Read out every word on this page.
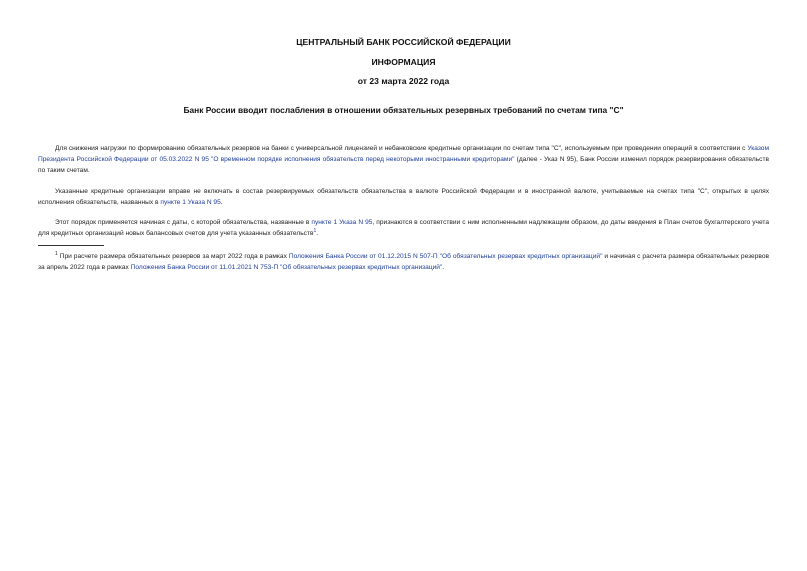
ЦЕНТРАЛЬНЫЙ БАНК РОССИЙСКОЙ ФЕДЕРАЦИИ
ИНФОРМАЦИЯ
от 23 марта 2022 года
Банк России вводит послабления в отношении обязательных резервных требований по счетам типа "С"
Для снижения нагрузки по формированию обязательных резервов на банки с универсальной лицензией и небанковские кредитные организации по счетам типа "С", используемым при проведении операций в соответствии с Указом Президента Российской Федерации от 05.03.2022 N 95 "О временном порядке исполнения обязательств перед некоторыми иностранными кредиторами" (далее - Указ N 95), Банк России изменил порядок резервирования обязательств по таким счетам.
Указанные кредитные организации вправе не включать в состав резервируемых обязательств обязательства в валюте Российской Федерации и в иностранной валюте, учитываемые на счетах типа "С", открытых в целях исполнения обязательств, названных в пункте 1 Указа N 95.
Этот порядок применяется начиная с даты, с которой обязательства, названные в пункте 1 Указа N 95, признаются в соответствии с ним исполненными надлежащим образом, до даты введения в План счетов бухгалтерского учета для кредитных организаций новых балансовых счетов для учета указанных обязательств$^1$.
$^1$ При расчете размера обязательных резервов за март 2022 года в рамках Положения Банка России от 01.12.2015 N 507-П "Об обязательных резервах кредитных организаций" и начиная с расчета размера обязательных резервов за апрель 2022 года в рамках Положения Банка России от 11.01.2021 N 753-П "Об обязательных резервах кредитных организаций".
